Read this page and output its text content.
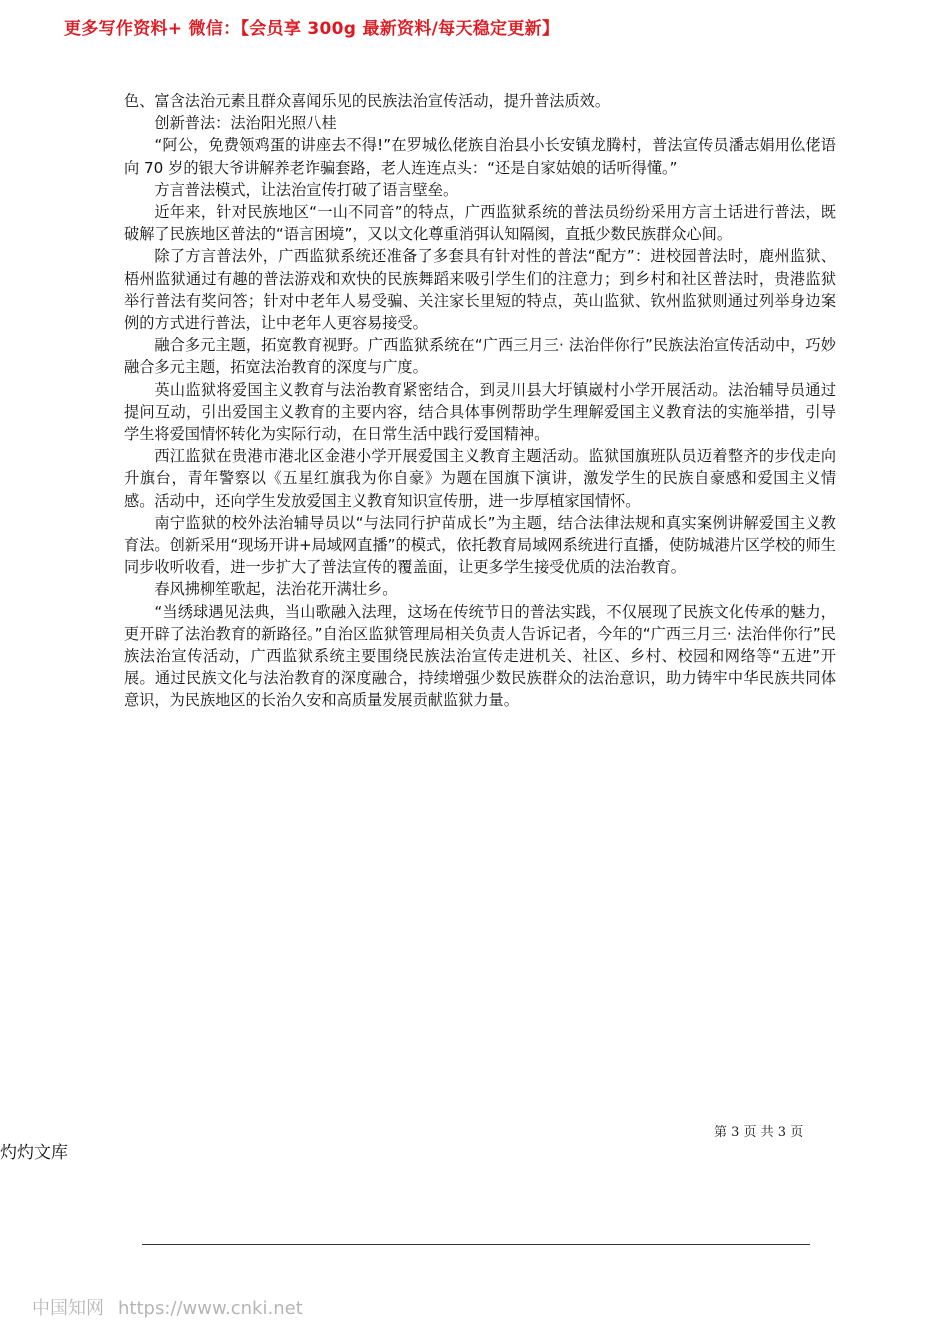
更多写作资料+ 微信：【会员享 300g 最新资料/每天稳定更新】

色、富含法治元素且群众喜闻乐见的民族法治宣传活动，提升普法质效。

创新普法：法治阳光照八桂

“阿公，免费领鸡蛋的讲座去不得!”在罗城仫佬族自治县小长安镇龙腾村，普法宣传员潘志娟用仫佬语向 70 岁的银大爷讲解养老诈骗套路，老人连连点头：“还是自家姑娘的话听得懂。”

方言普法模式，让法治宣传打破了语言壁垒。

近年来，针对民族地区“一山不同音”的特点，广西监狱系统的普法员纷纷采用方言土话进行普法，既破解了民族地区普法的“语言困境”，又以文化尊重消弭认知隔阂，直抵少数民族群众心间。

除了方言普法外，广西监狱系统还准备了多套具有针对性的普法“配方”：进校园普法时，鹿州监狱、梧州监狱通过有趣的普法游戏和欢快的民族舞蹈来吸引学生们的注意力；到乡村和社区普法时，贵港监狱举行普法有奖问答；针对中老年人易受骗、关注家长里短的特点，英山监狱、钦州监狱则通过列举身边案例的方式进行普法，让中老年人更容易接受。

融合多元主题，拓宽教育视野。广西监狱系统在“广西三月三· 法治伴你行”民族法治宣传活动中，巧妙融合多元主题，拓宽法治教育的深度与广度。

英山监狱将爱国主义教育与法治教育紧密结合，到灵川县大圩镇崴村小学开展活动。法治辅导员通过提问互动，引出爱国主义教育的主要内容，结合具体事例帮助学生理解爱国主义教育法的实施举措，引导学生将爱国情怀转化为实际行动，在日常生活中践行爱国精神。

西江监狱在贵港市港北区金港小学开展爱国主义教育主题活动。监狱国旗班队员迈着整齐的步伐走向升旗台，青年警察以《五星红旗我为你自豪》为题在国旗下演讲，激发学生的民族自豪感和爱国主义情感。活动中，还向学生发放爱国主义教育知识宣传册，进一步厚植家国情怀。

南宁监狱的校外法治辅导员以“与法同行护苗成长”为主题，结合法律法规和真实案例讲解爱国主义教育法。创新采用“现场开讲+局域网直播”的模式，依托教育局域网系统进行直播，使防城港片区学校的师生同步收听收看，进一步扩大了普法宣传的覆盖面，让更多学生接受优质的法治教育。

春风拂柳笙歌起，法治花开满壮乡。

“当绣球遇见法典，当山歌融入法理，这场在传统节日的普法实践，不仅展现了民族文化传承的魅力，更开辟了法治教育的新路径。”自治区监狱管理局相关负责人告诉记者，今年的“广西三月三· 法治伴你行”民族法治宣传活动，广西监狱系统主要围绕民族法治宣传走进机关、社区、乡村、校园和网络等“五进”开展。通过民族文化与法治教育的深度融合，持续增强少数民族群众的法治意识，助力铸牢中华民族共同体意识，为民族地区的长治久安和高质量发展贡献监狱力量。

第 3 页 共 3 页
灼灼文库
中国知网 https://www.cnki.net
